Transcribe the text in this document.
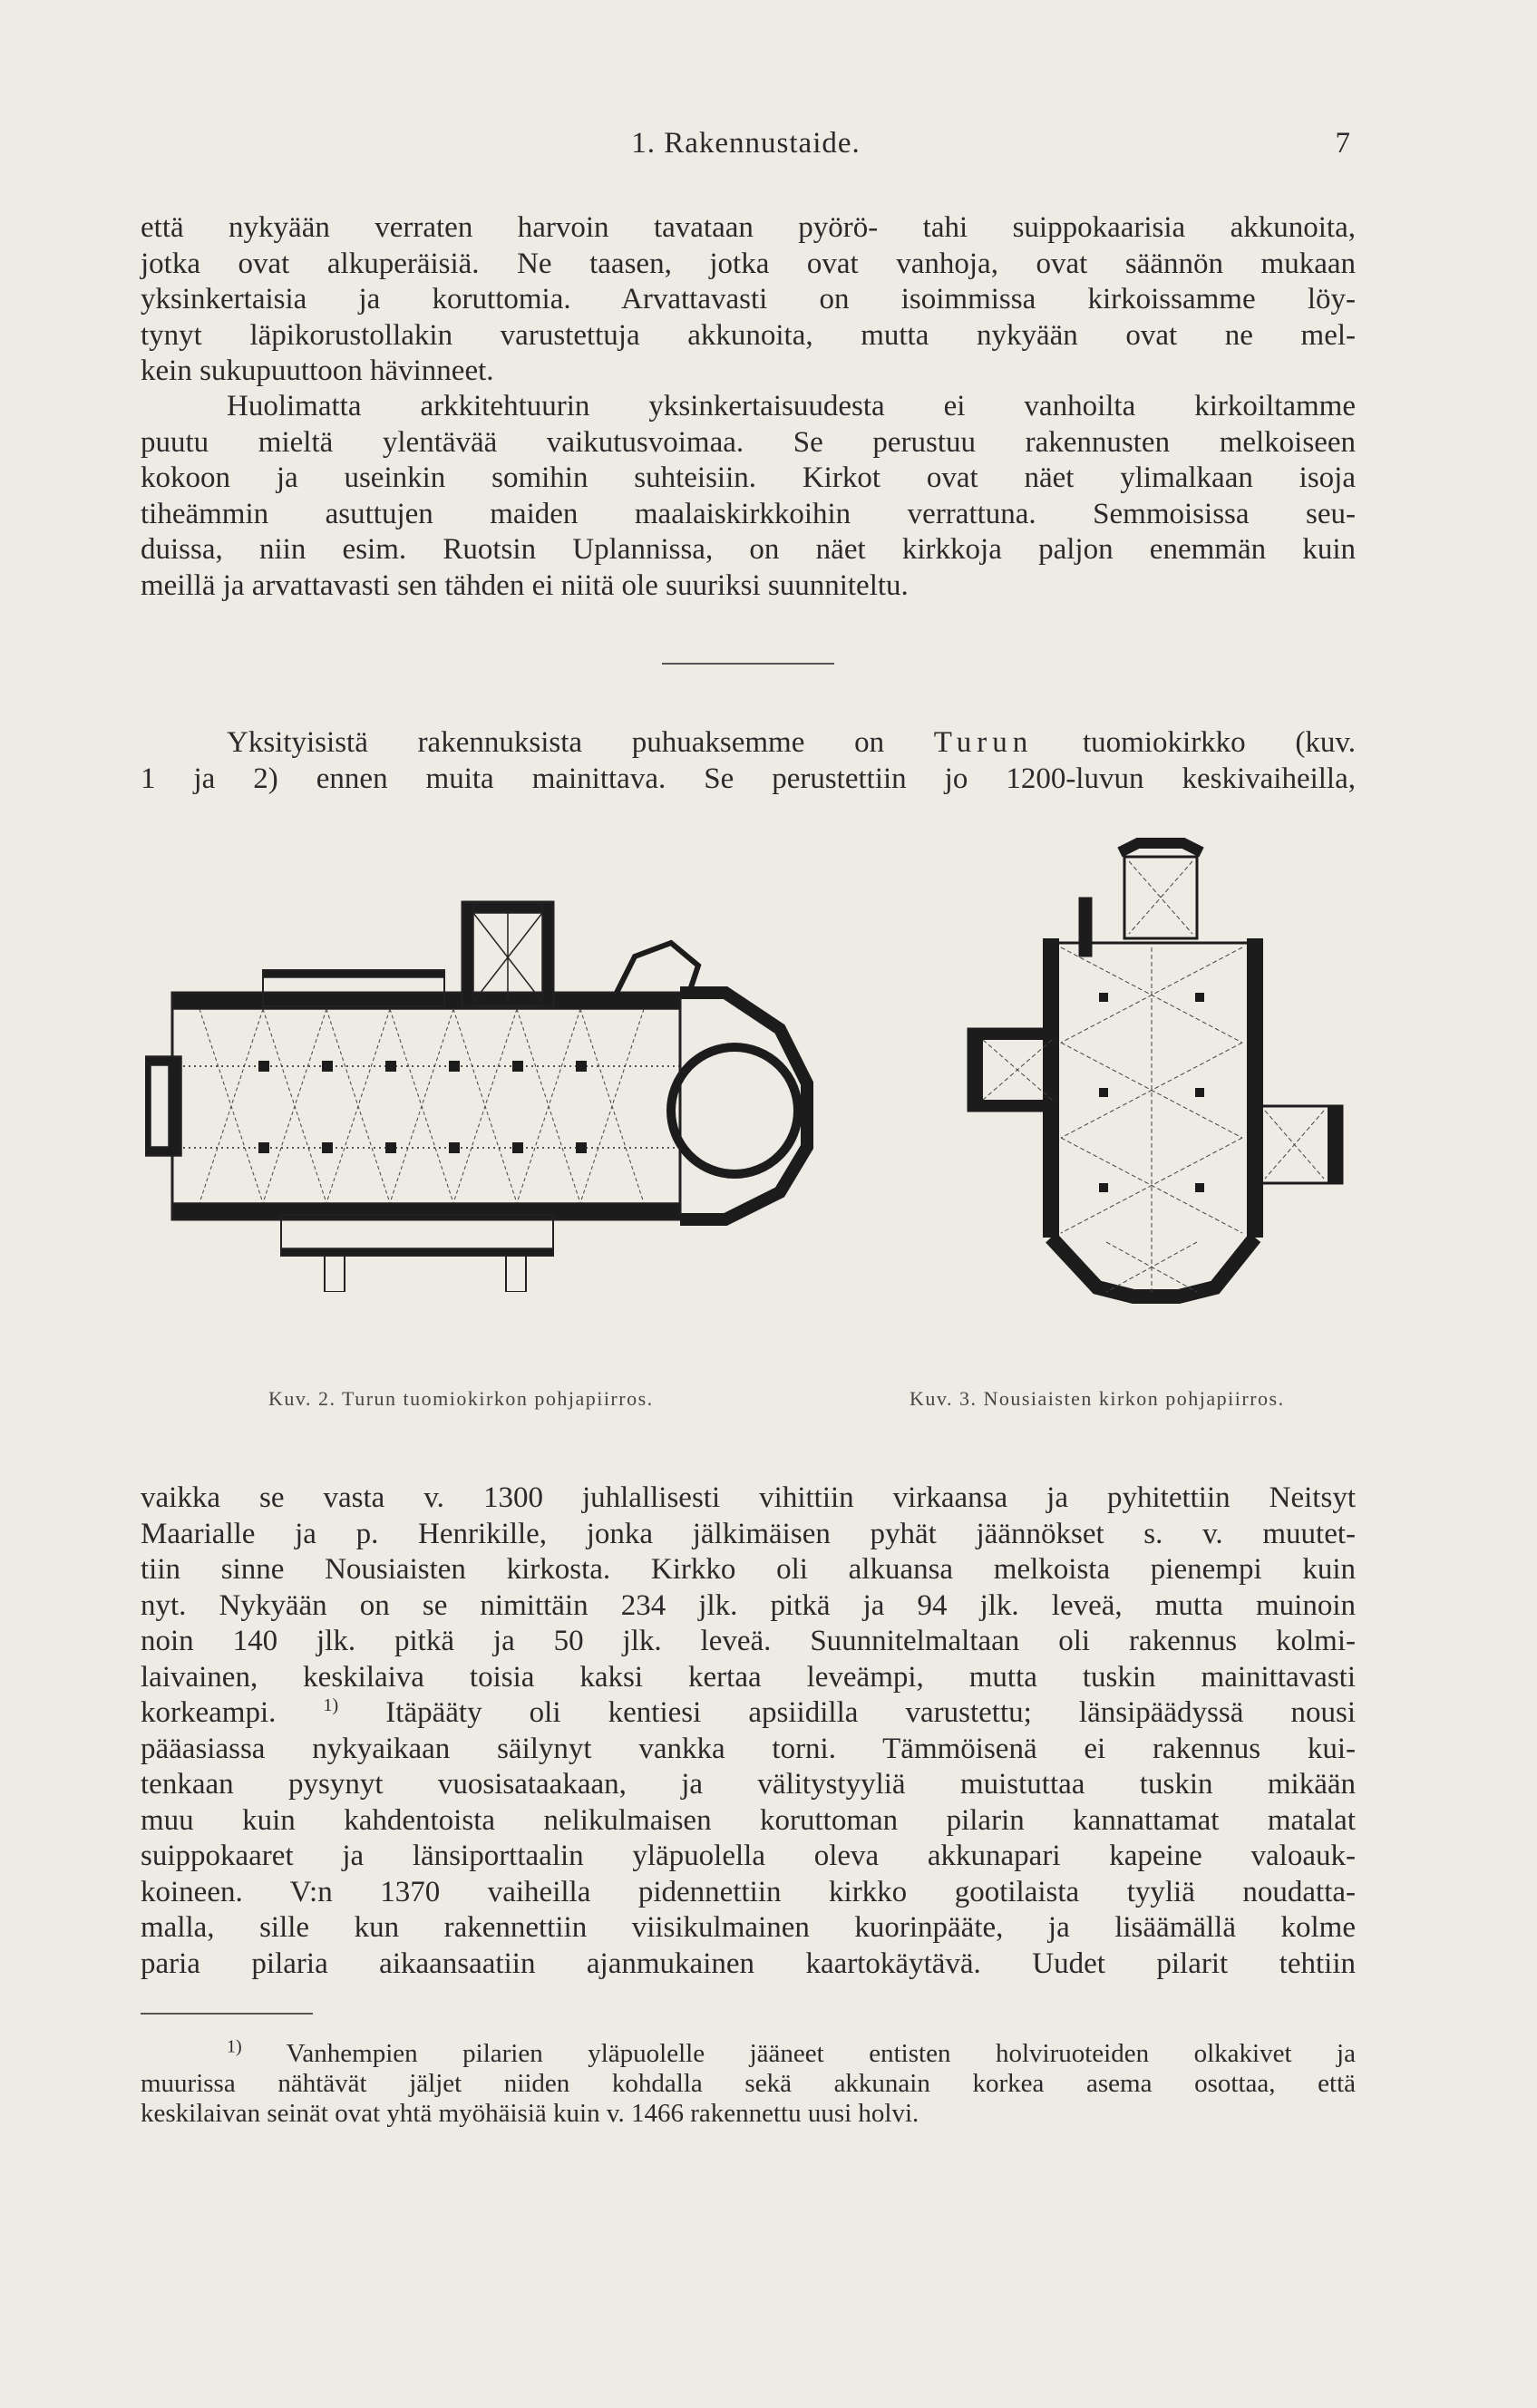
1. Rakennustaide.	7
että nykyään verraten harvoin tavataan pyörö- tahi suippokaarisia akkunoita,
jotka ovat alkuperäisiä. Ne taasen, jotka ovat vanhoja, ovat säännön mukaan
yksinkertaisia ja koruttomia. Arvattavasti on isoimmissa kirkoissamme löy-
tynyt läpikorustollakin varustettuja akkunoita, mutta nykyään ovat ne mel-
kein sukupuuttoon hävinneet.
Huolimatta arkkitehtuurin yksinkertaisuudesta ei vanhoilta kirkoiltamme
puutu mieltä ylentävää vaikutusvoimaa. Se perustuu rakennusten melkoiseen
kokoon ja useinkin somihin suhteisiin. Kirkot ovat näet ylimalkaan isoja
tiheämmin asuttujen maiden maalaiskirkkoihin verrattuna. Semmoisissa seu-
duissa, niin esim. Ruotsin Uplannissa, on näet kirkkoja paljon enemmän kuin
meillä ja arvattavasti sen tähden ei niitä ole suuriksi suunniteltu.
Yksityisistä rakennuksista puhuaksemme on Turun tuomiokirkko (kuv.
1 ja 2) ennen muita mainittava. Se perustettiin jo 1200-luvun keskivaiheilla,
Kuv. 2. Turun tuomiokirkon pohjapiirros.	Kuv. 3. Nousiaisten kirkon pohjapiirros.
vaikka se vasta v. 1300 juhlallisesti vihittiin virkaansa ja pyhitettiin Neitsyt
Maarialle ja p. Henrikille, jonka jälkimäisen pyhät jäännökset s. v. muutet-
tiin sinne Nousiaisten kirkosta. Kirkko oli alkuansa melkoista pienempi kuin
nyt. Nykyään on se nimittäin 234 jlk. pitkä ja 94 jlk. leveä, mutta muinoin
noin 140 jlk. pitkä ja 50 jlk. leveä. Suunnitelmaltaan oli rakennus kolmi-
laivainen, keskilaiva toisia kaksi kertaa leveämpi, mutta tuskin mainittavasti
korkeampi.	$^{1)}$ Itäpääty oli kentiesi apsiidilla varustettu; länsipäädyssä nousi
pääasiassa nykyaikaan säilynyt vankka torni. Tämmöisenä ei rakennus kui-
tenkaan pysynyt vuosisataakaan, ja välitystyyliä muistuttaa tuskin mikään
muu kuin kahdentoista nelikulmaisen koruttoman pilarin kannattamat matalat
suippokaaret ja länsiporttaalin yläpuolella oleva akkunapari kapeine valoauk-
koineen. V:n 1370 vaiheilla pidennettiin kirkko gootilaista tyyliä noudatta-
malla, sille kun rakennettiin viisikulmainen kuorinpääte, ja lisäämällä kolme
paria pilaria aikaansaatiin ajanmukainen kaartokäytävä. Uudet pilarit tehtiin
$^{1)}$ Vanhempien pilarien yläpuolelle jääneet entisten holviruoteiden olkakivet ja
muurissa nähtävät jäljet niiden kohdalla sekä akkunain korkea asema osottaa, että
keskilaivan seinät ovat yhtä myöhäisiä kuin v. 1466 rakennettu uusi holvi.
